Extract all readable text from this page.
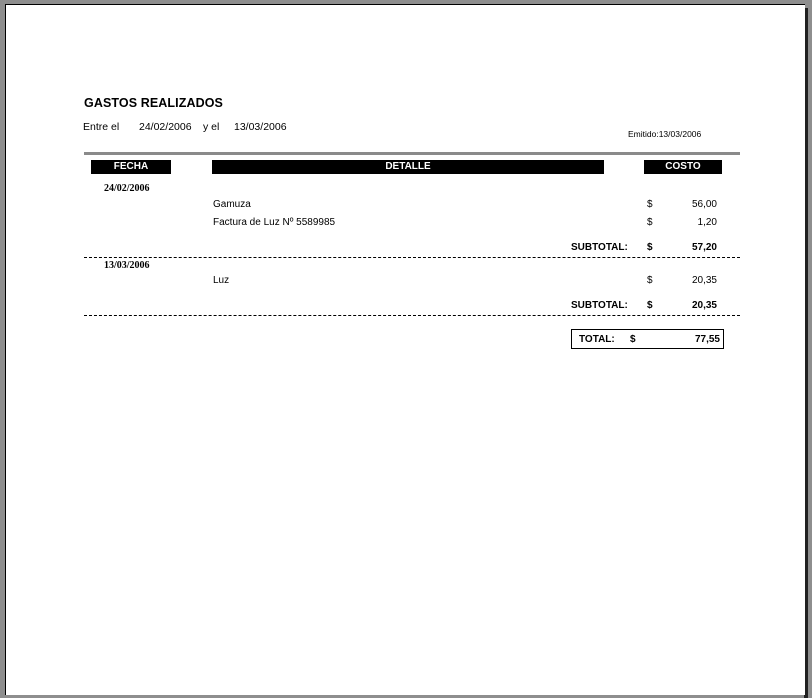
GASTOS REALIZADOS
Entre el 24/02/2006 y el 13/03/2006
Emitido:13/03/2006
FECHA	DETALLE	COSTO
24/02/2006
Gamuza	$	56,00
Factura de Luz Nº 5589985	$	1,20
SUBTOTAL: $	57,20
13/03/2006
Luz	$	20,35
SUBTOTAL: $	20,35
TOTAL: $	77,55
